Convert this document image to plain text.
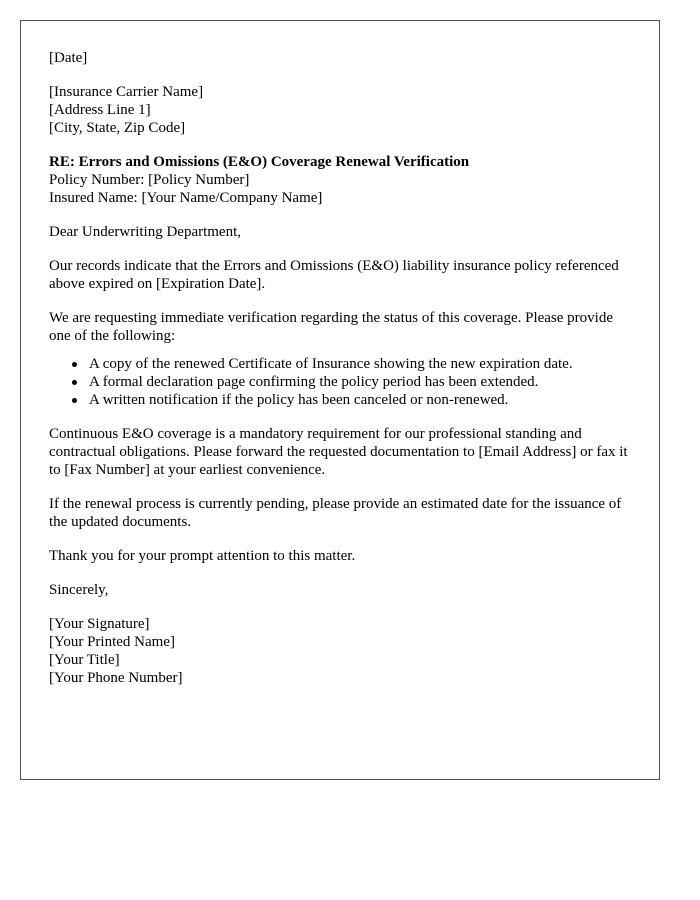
[Date]
[Insurance Carrier Name]
[Address Line 1]
[City, State, Zip Code]
RE: Errors and Omissions (E&O) Coverage Renewal Verification
Policy Number: [Policy Number]
Insured Name: [Your Name/Company Name]

Dear Underwriting Department,

Our records indicate that the Errors and Omissions (E&O) liability insurance policy referenced above expired on [Expiration Date].

We are requesting immediate verification regarding the status of this coverage. Please provide one of the following:

A copy of the renewed Certificate of Insurance showing the new expiration date.
A formal declaration page confirming the policy period has been extended.
A written notification if the policy has been canceled or non-renewed.

Continuous E&O coverage is a mandatory requirement for our professional standing and contractual obligations. Please forward the requested documentation to [Email Address] or fax it to [Fax Number] at your earliest convenience.

If the renewal process is currently pending, please provide an estimated date for the issuance of the updated documents.

Thank you for your prompt attention to this matter.

Sincerely,

[Your Signature]
[Your Printed Name]
[Your Title]
[Your Phone Number]
